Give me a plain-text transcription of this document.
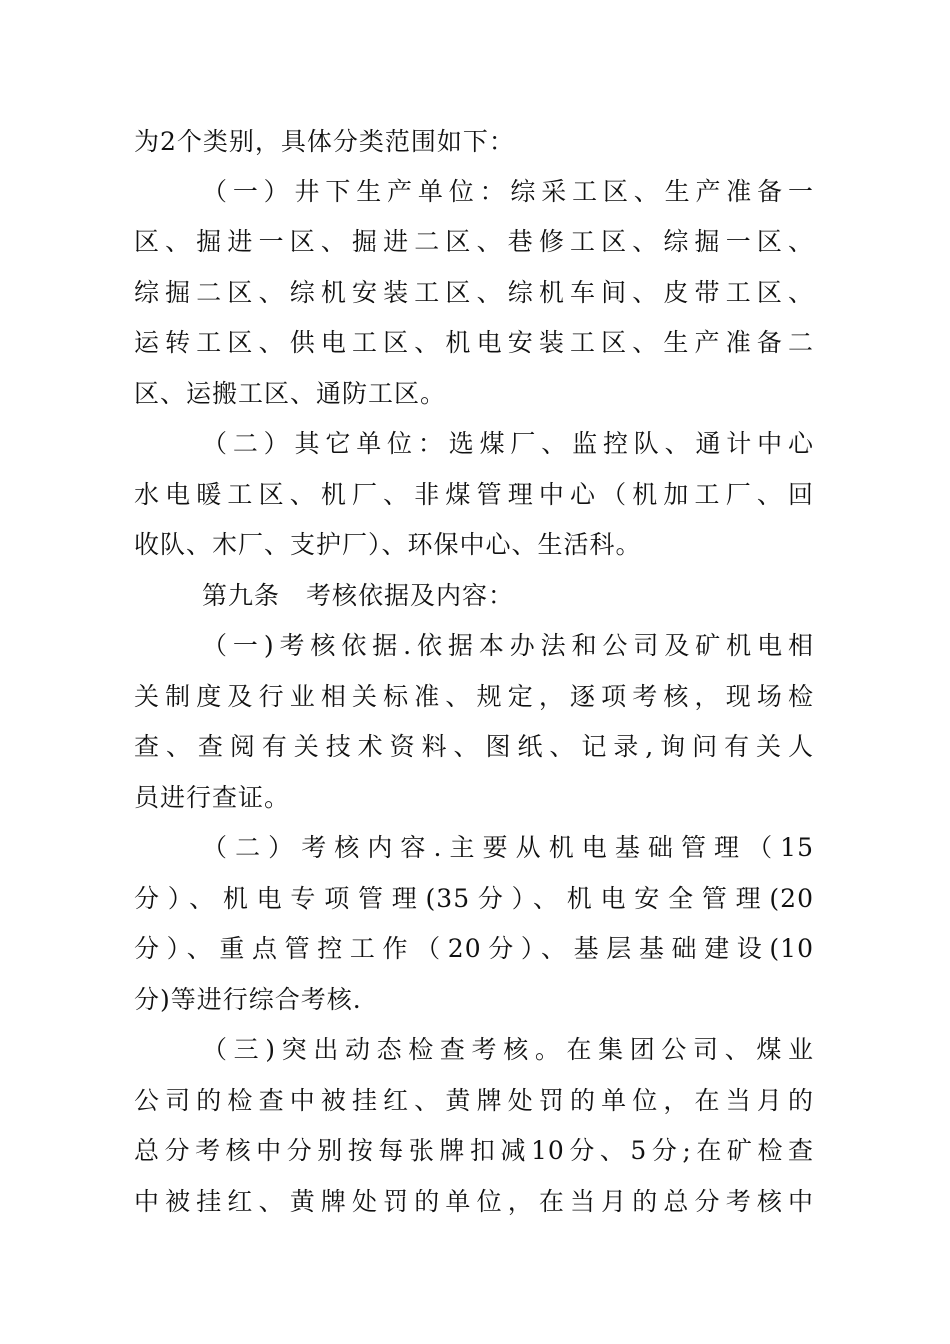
为2个类别，具体分类范围如下：
（一）井下生产单位：综采工区、生产准备一
区、掘进一区、掘进二区、巷修工区、综掘一区、
综掘二区、综机安装工区、综机车间、皮带工区、
运转工区、供电工区、机电安装工区、生产准备二
区、运搬工区、通防工区。
（二）其它单位：选煤厂、监控队、通计中心
水电暖工区、机厂、非煤管理中心（机加工厂、回
收队、木厂、支护厂）、环保中心、生活科。
第九条　考核依据及内容：
（一)考核依据.依据本办法和公司及矿机电相
关制度及行业相关标准、规定，逐项考核，现场检
查、查阅有关技术资料、图纸、记录,询问有关人
员进行查证。
（二）考核内容.主要从机电基础管理（15
分）、机电专项管理(35分）、机电安全管理(20
分）、重点管控工作（20分）、基层基础建设(10
分)等进行综合考核.
（三)突出动态检查考核。在集团公司、煤业
公司的检查中被挂红、黄牌处罚的单位，在当月的
总分考核中分别按每张牌扣减10分、5分;在矿检查
中被挂红、黄牌处罚的单位，在当月的总分考核中
